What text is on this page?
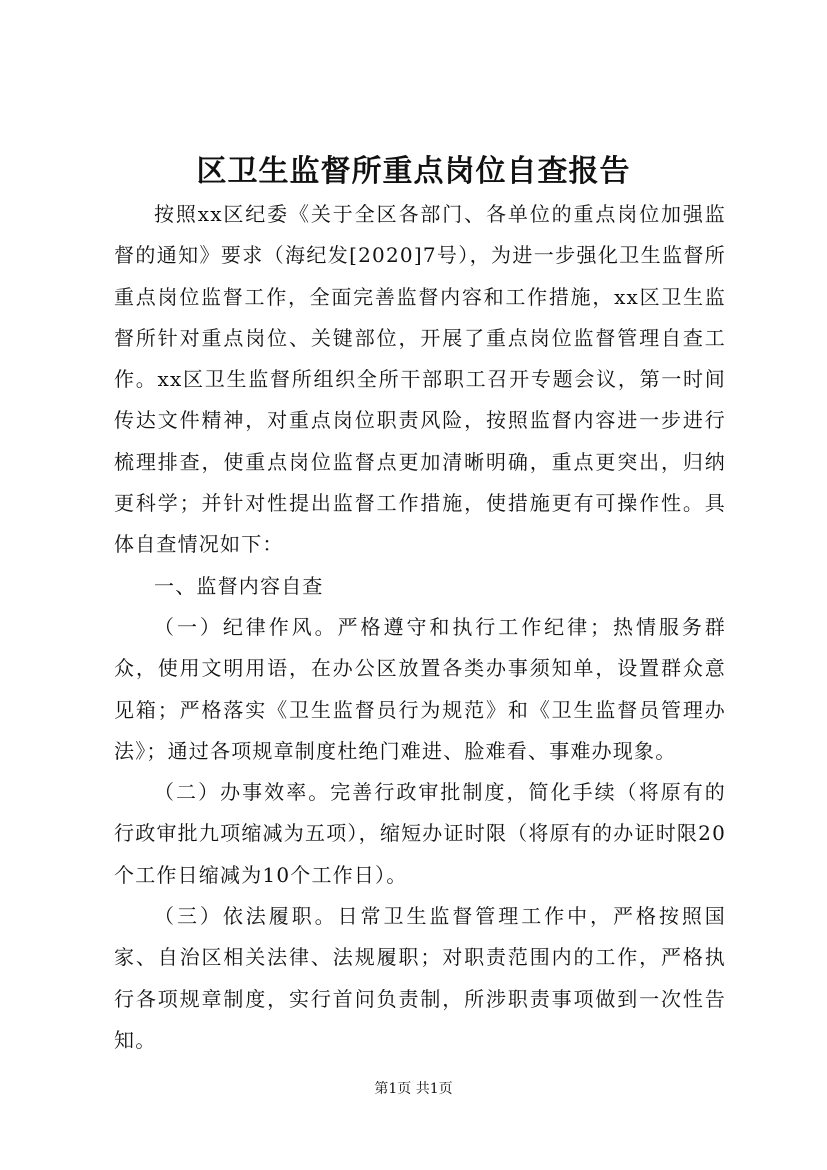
区卫生监督所重点岗位自查报告

按照xx区纪委《关于全区各部门、各单位的重点岗位加强监督的通知》要求（海纪发[2020]7号），为进一步强化卫生监督所重点岗位监督工作，全面完善监督内容和工作措施，xx区卫生监督所针对重点岗位、关键部位，开展了重点岗位监督管理自查工作。xx区卫生监督所组织全所干部职工召开专题会议，第一时间传达文件精神，对重点岗位职责风险，按照监督内容进一步进行梳理排查，使重点岗位监督点更加清晰明确，重点更突出，归纳更科学；并针对性提出监督工作措施，使措施更有可操作性。具体自查情况如下：

一、监督内容自查

（一）纪律作风。严格遵守和执行工作纪律；热情服务群众，使用文明用语，在办公区放置各类办事须知单，设置群众意见箱；严格落实《卫生监督员行为规范》和《卫生监督员管理办法》；通过各项规章制度杜绝门难进、脸难看、事难办现象。

（二）办事效率。完善行政审批制度，简化手续（将原有的行政审批九项缩减为五项），缩短办证时限（将原有的办证时限20个工作日缩减为10个工作日）。

（三）依法履职。日常卫生监督管理工作中，严格按照国家、自治区相关法律、法规履职；对职责范围内的工作，严格执行各项规章制度，实行首问负责制，所涉职责事项做到一次性告知。

第1页 共1页
